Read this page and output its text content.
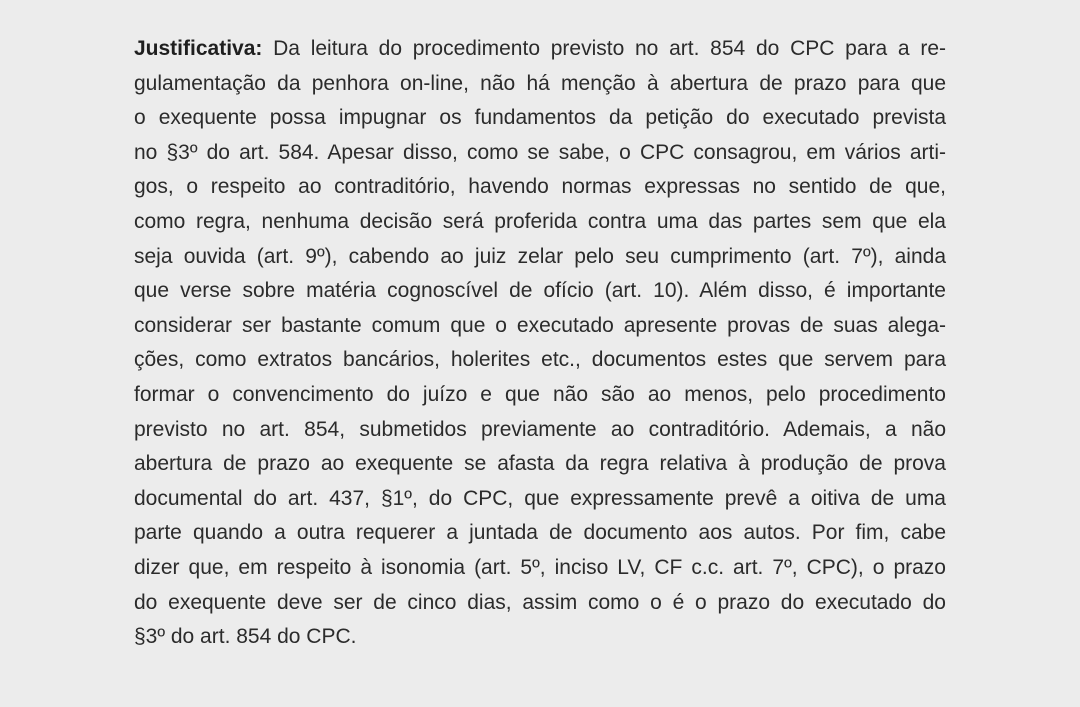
Justificativa: Da leitura do procedimento previsto no art. 854 do CPC para a re-
gulamentação da penhora on-line, não há menção à abertura de prazo para que
o exequente possa impugnar os fundamentos da petição do executado prevista
no §3º do art. 584. Apesar disso, como se sabe, o CPC consagrou, em vários arti-
gos, o respeito ao contraditório, havendo normas expressas no sentido de que,
como regra, nenhuma decisão será proferida contra uma das partes sem que ela
seja ouvida (art. 9º), cabendo ao juiz zelar pelo seu cumprimento (art. 7º), ainda
que verse sobre matéria cognoscível de ofício (art. 10). Além disso, é importante
considerar ser bastante comum que o executado apresente provas de suas alega-
ções, como extratos bancários, holerites etc., documentos estes que servem para
formar o convencimento do juízo e que não são ao menos, pelo procedimento
previsto no art. 854, submetidos previamente ao contraditório. Ademais, a não
abertura de prazo ao exequente se afasta da regra relativa à produção de prova
documental do art. 437, §1º, do CPC, que expressamente prevê a oitiva de uma
parte quando a outra requerer a juntada de documento aos autos. Por fim, cabe
dizer que, em respeito à isonomia (art. 5º, inciso LV, CF c.c. art. 7º, CPC), o prazo
do exequente deve ser de cinco dias, assim como o é o prazo do executado do
§3º do art. 854 do CPC.
